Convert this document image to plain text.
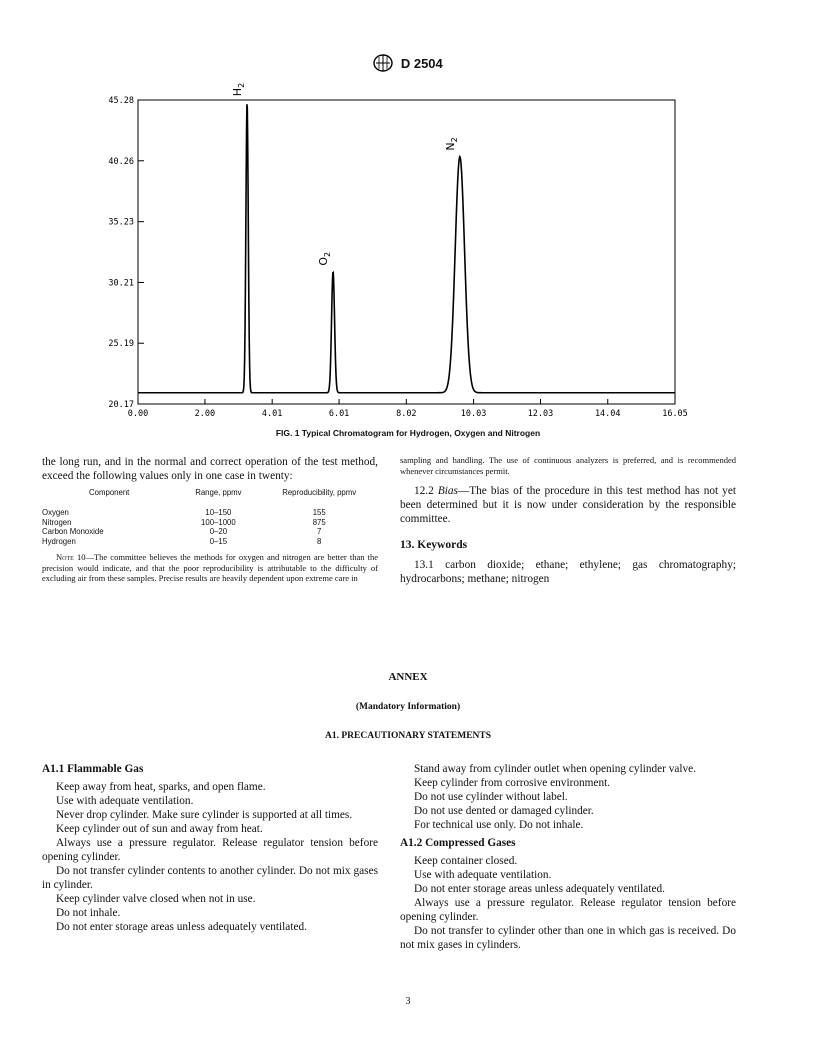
D 2504
45.28
40.26
35.23
30.21
25.19
20.17
0.00	2.00	4.01	6.01	8.02	10.03	12.03	14.04	16.05
$H_2$
$O_2$
$N_2$
FIG. 1 Typical Chromatogram for Hydrogen, Oxygen and Nitrogen

the long run, and in the normal and correct operation of the test method, exceed the following values only in one case in twenty:

Component	Range, ppmv	Reproducibility, ppmv
Oxygen	10–150	155
Nitrogen	100–1000	875
Carbon Monoxide	0–20	7
Hydrogen	0–15	8

Note 10—The committee believes the methods for oxygen and nitrogen are better than the precision would indicate, and that the poor reproducibility is attributable to the difficulty of excluding air from these samples. Precise results are heavily dependent upon extreme care in

sampling and handling. The use of continuous analyzers is preferred, and is recommended whenever circumstances permit.

12.2 Bias—The bias of the procedure in this test method has not yet been determined but it is now under consideration by the responsible committee.

13. Keywords

13.1 carbon dioxide; ethane; ethylene; gas chromatography; hydrocarbons; methane; nitrogen

ANNEX
(Mandatory Information)
A1. PRECAUTIONARY STATEMENTS
A1.1 Flammable Gas

Keep away from heat, sparks, and open flame.

Use with adequate ventilation.

Never drop cylinder. Make sure cylinder is supported at all times.

Keep cylinder out of sun and away from heat.

Always use a pressure regulator. Release regulator tension before opening cylinder.

Do not transfer cylinder contents to another cylinder. Do not mix gases in cylinder.

Keep cylinder valve closed when not in use.

Do not inhale.

Do not enter storage areas unless adequately ventilated.

Stand away from cylinder outlet when opening cylinder valve.

Keep cylinder from corrosive environment.

Do not use cylinder without label.

Do not use dented or damaged cylinder.

For technical use only. Do not inhale.

A1.2 Compressed Gases

Keep container closed.

Use with adequate ventilation.

Do not enter storage areas unless adequately ventilated.

Always use a pressure regulator. Release regulator tension before opening cylinder.

Do not transfer to cylinder other than one in which gas is received. Do not mix gases in cylinders.

3
